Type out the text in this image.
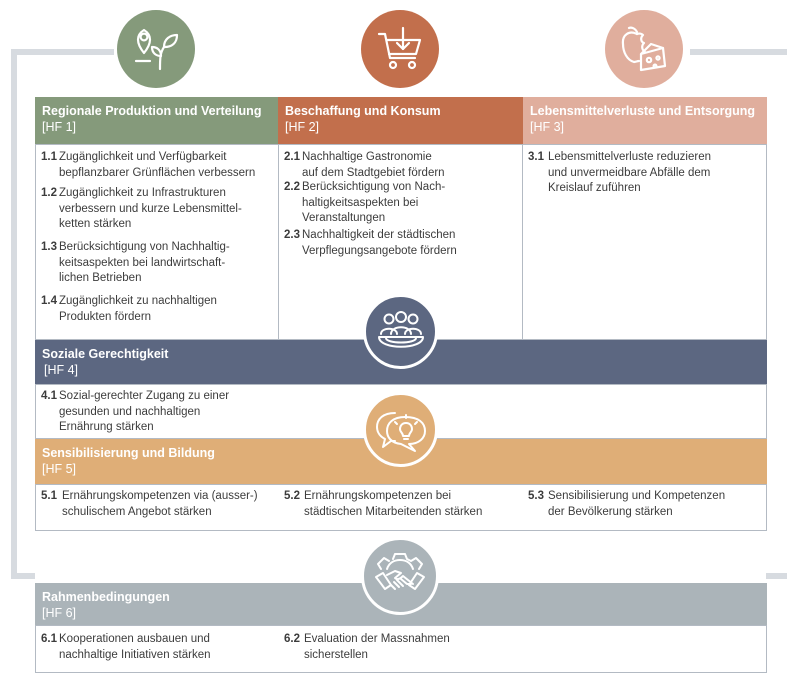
Regionale Produktion und Verteilung
[HF 1]
Beschaffung und Konsum
[HF 2]
Lebensmittelverluste und Entsorgung
[HF 3]
1.1 Zugänglichkeit und Verfügbarkeit
bepflanzbarer Grünflächen verbessern
1.2 Zugänglichkeit zu Infrastrukturen
verbessern und kurze Lebensmittel-
ketten stärken
1.3 Berücksichtigung von Nachhaltig-
keitsaspekten bei landwirtschaft-
lichen Betrieben
1.4 Zugänglichkeit zu nachhaltigen
Produkten fördern
2.1 Nachhaltige Gastronomie
auf dem Stadtgebiet fördern
2.2 Berücksichtigung von Nach-
haltigkeitsaspekten bei
Veranstaltungen
2.3 Nachhaltigkeit der städtischen
Verpflegungsangebote fördern
3.1 Lebensmittelverluste reduzieren
und unvermeidbare Abfälle dem
Kreislauf zuführen
Soziale Gerechtigkeit
[HF 4]
4.1 Sozial-gerechter Zugang zu einer
gesunden und nachhaltigen
Ernährung stärken
Sensibilisierung und Bildung
[HF 5]
5.1 Ernährungskompetenzen via (ausser-)
schulischem Angebot stärken
5.2 Ernährungskompetenzen bei
städtischen Mitarbeitenden stärken
5.3 Sensibilisierung und Kompetenzen
der Bevölkerung stärken
Rahmenbedingungen
[HF 6]
6.1 Kooperationen ausbauen und
nachhaltige Initiativen stärken
6.2 Evaluation der Massnahmen
sicherstellen
